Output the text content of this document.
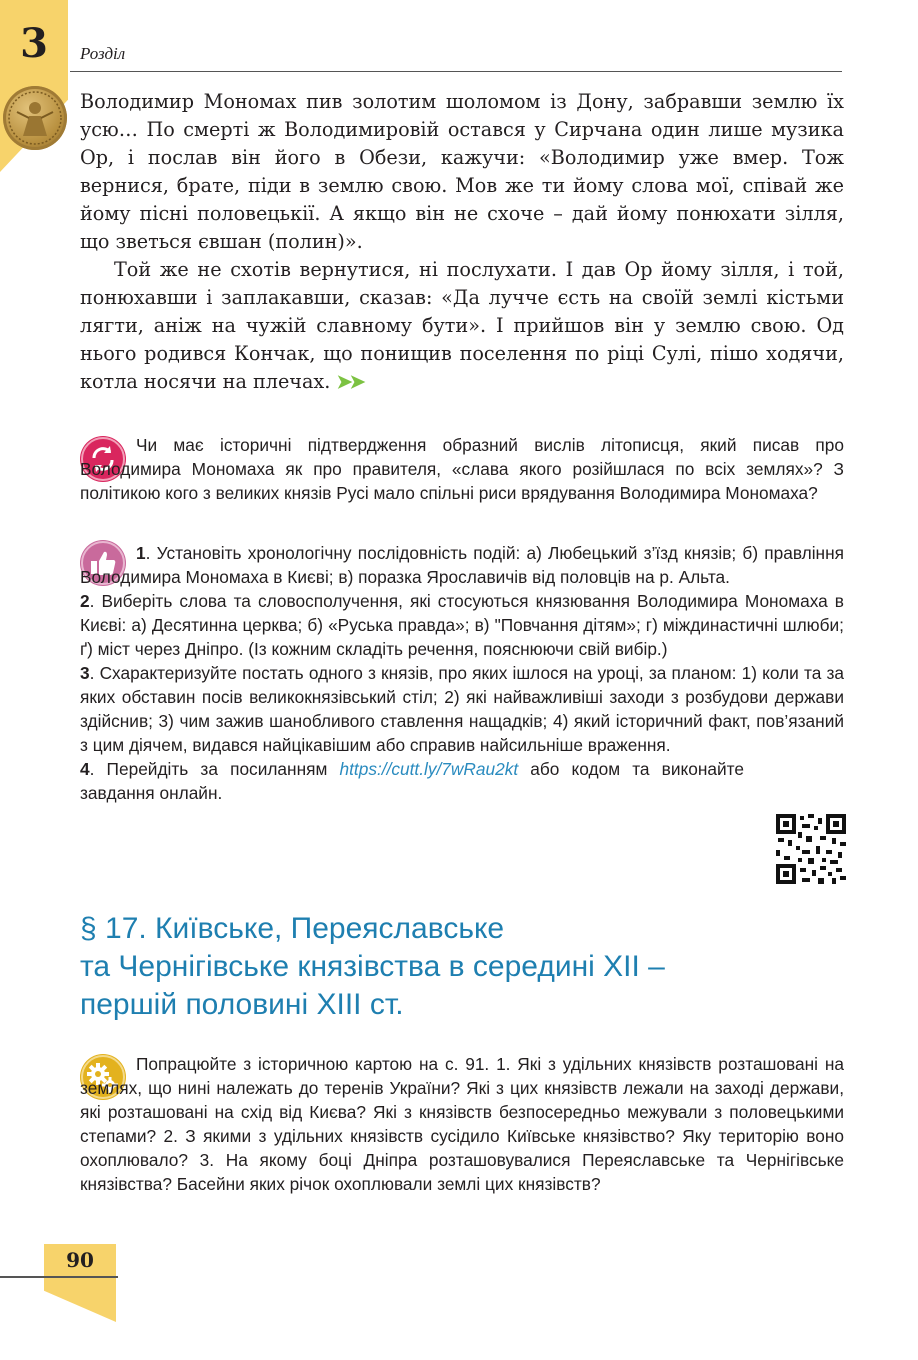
3	Розділ

Володимир Мономах пив золотим шоломом із Дону, забравши землю їх усю… По смерті ж Володимировій остався у Сирчана один лише музика Ор, і послав він його в Обези, кажучи: «Володимир уже вмер. Тож вернися, брате, піди в землю свою. Мов же ти йому слова мої, співай же йому пісні половецькії. А якщо він не схоче – дай йому понюхати зілля, що зветься євшан (полин)».

Той же не схотів вернутися, ні послухати. І дав Ор йому зілля, і той, понюхавши і заплакавши, сказав: «Да лучче єсть на своїй землі кістьми лягти, аніж на чужій славному бути». І прийшов він у землю свою. Од нього родився Кончак, що понищив поселення по ріці Сулі, пішо ходячи, котла носячи на плечах. ➤➤

Чи має історичні підтвердження образний вислів літописця, який писав про Володимира Мономаха як про правителя, «слава якого розійшлася по всіх землях»? З політикою кого з великих князів Русі мало спільні риси врядування Володимира Мономаха?

1. Установіть хронологічну послідовність подій: а) Любецький з’їзд князів; б) правління Володимира Мономаха в Києві; в) поразка Ярославичів від половців на р. Альта.

2. Виберіть слова та словосполучення, які стосуються князювання Володимира Мономаха в Києві: а) Десятинна церква; б) «Руська правда»; в) "Повчання дітям»; г) міждинастичні шлюби; ґ) міст через Дніпро. (Із кожним складіть речення, пояснюючи свій вибір.)

3. Схарактеризуйте постать одного з князів, про яких ішлося на уроці, за планом: 1) коли та за яких обставин посів великокнязівський стіл; 2) які найважливіші заходи з розбудови держави здійснив; 3) чим зажив шанобливого ставлення нащадків; 4) який історичний факт, пов’язаний з цим діячем, видався найцікавішим або справив найсильніше враження.

4. Перейдіть за посиланням https://cutt.ly/7wRau2kt або кодом та виконайте завдання онлайн.

§ 17. Київське, Переяславське
та Чернігівське князівства в середині XII –
першій половині XIII ст.

Попрацюйте з історичною картою на с. 91. 1. Які з удільних князівств розташовані на землях, що нині належать до теренів України? Які з цих князівств лежали на заході держави, які розташовані на схід від Києва? Які з князівств безпосередньо межували з половецькими степами? 2. З якими з удільних князівств сусідило Київське князівство? Яку територію воно охоплювало? 3. На якому боці Дніпра розташовувалися Переяславське та Чернігівське князівства? Басейни яких річок охоплювали землі цих князівств?

90
